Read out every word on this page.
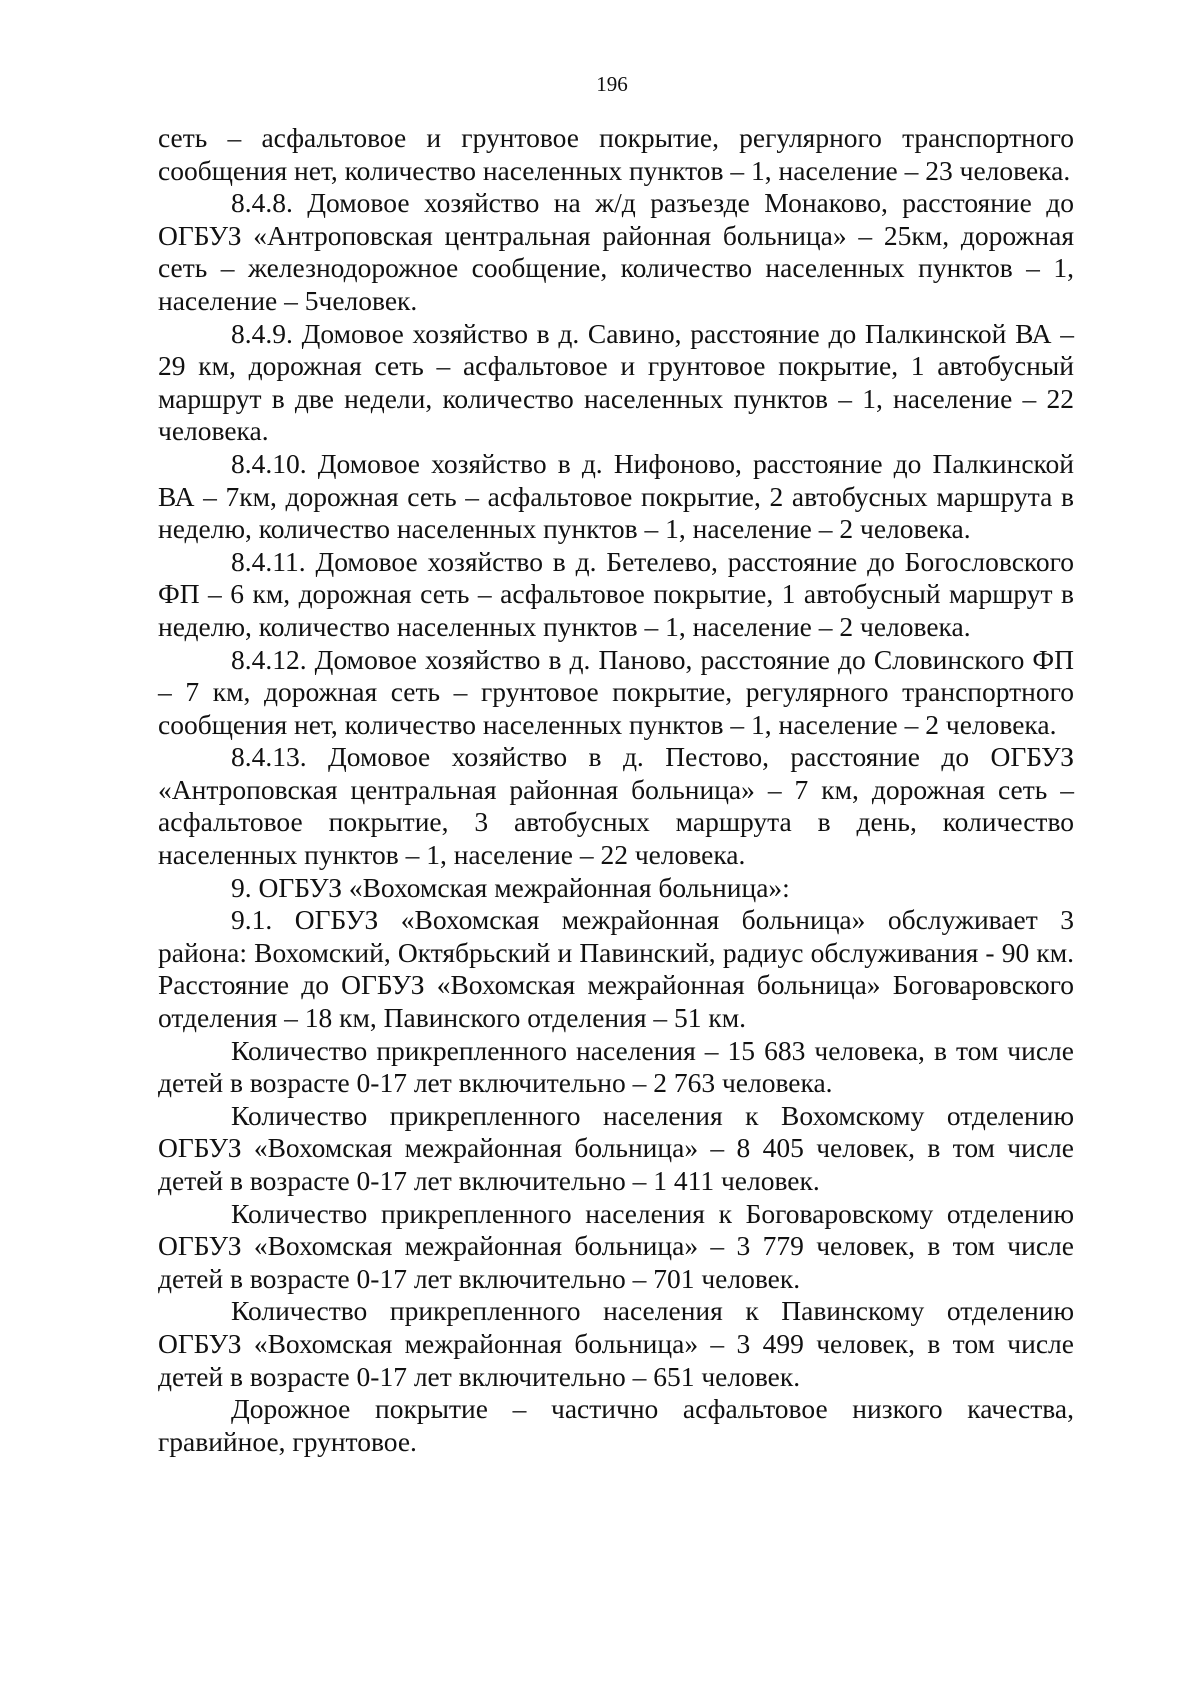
196

сеть – асфальтовое и грунтовое покрытие, регулярного транспортного сообщения нет, количество населенных пунктов – 1, население – 23 человека.

8.4.8. Домовое хозяйство на ж/д разъезде Монаково, расстояние до ОГБУЗ «Антроповская центральная районная больница» – 25км, дорожная сеть – железнодорожное сообщение, количество населенных пунктов – 1, население – 5человек.

8.4.9. Домовое хозяйство в д. Савино, расстояние до Палкинской ВА – 29 км, дорожная сеть – асфальтовое и грунтовое покрытие, 1 автобусный маршрут в две недели, количество населенных пунктов – 1, население – 22 человека.

8.4.10. Домовое хозяйство в д. Нифоново, расстояние до Палкинской ВА – 7км, дорожная сеть – асфальтовое покрытие, 2 автобусных маршрута в неделю, количество населенных пунктов – 1, население – 2 человека.

8.4.11. Домовое хозяйство в д. Бетелево, расстояние до Богословского ФП – 6 км, дорожная сеть – асфальтовое покрытие, 1 автобусный маршрут в неделю, количество населенных пунктов – 1, население – 2 человека.

8.4.12. Домовое хозяйство в д. Паново, расстояние до Словинского ФП – 7 км, дорожная сеть – грунтовое покрытие, регулярного транспортного сообщения нет, количество населенных пунктов – 1, население – 2 человека.

8.4.13. Домовое хозяйство в д. Пестово, расстояние до ОГБУЗ «Антроповская центральная районная больница» – 7 км, дорожная сеть – асфальтовое покрытие, 3 автобусных маршрута в день, количество населенных пунктов – 1, население – 22 человека.

9. ОГБУЗ «Вохомская межрайонная больница»:

9.1. ОГБУЗ «Вохомская межрайонная больница» обслуживает 3 района: Вохомский, Октябрьский и Павинский, радиус обслуживания - 90 км. Расстояние до ОГБУЗ «Вохомская межрайонная больница» Боговаровского отделения – 18 км, Павинского отделения – 51 км.

Количество прикрепленного населения – 15 683 человека, в том числе детей в возрасте 0-17 лет включительно – 2 763 человека.

Количество прикрепленного населения к Вохомскому отделению ОГБУЗ «Вохомская межрайонная больница» – 8 405 человек, в том числе детей в возрасте 0-17 лет включительно – 1 411 человек.

Количество прикрепленного населения к Боговаровскому отделению ОГБУЗ «Вохомская межрайонная больница» – 3 779 человек, в том числе детей в возрасте 0-17 лет включительно – 701 человек.

Количество прикрепленного населения к Павинскому отделению ОГБУЗ «Вохомская межрайонная больница» – 3 499 человек, в том числе детей в возрасте 0-17 лет включительно – 651 человек.

Дорожное покрытие – частично асфальтовое низкого качества, гравийное, грунтовое.
